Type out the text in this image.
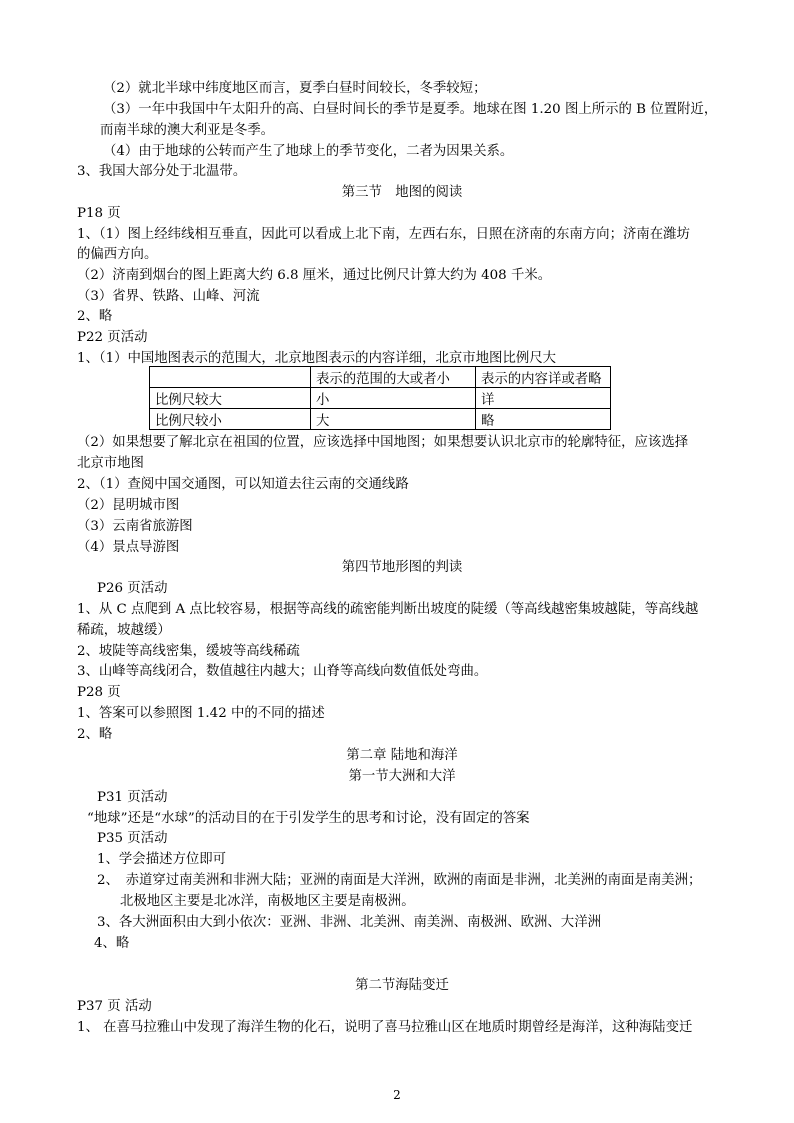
（2）就北半球中纬度地区而言，夏季白昼时间较长，冬季较短；
（3）一年中我国中午太阳升的高、白昼时间长的季节是夏季。地球在图 1.20 图上所示的 B 位置附近，
而南半球的澳大利亚是冬季。
（4）由于地球的公转而产生了地球上的季节变化，二者为因果关系。
3、我国大部分处于北温带。
第三节　地图的阅读
P18 页
1、（1）图上经纬线相互垂直，因此可以看成上北下南，左西右东，日照在济南的东南方向；济南在潍坊
的偏西方向。
（2）济南到烟台的图上距离大约 6.8 厘米，通过比例尺计算大约为 408 千米。
（3）省界、铁路、山峰、河流
2、略
P22 页活动
1、（1）中国地图表示的范围大，北京地图表示的内容详细，北京市地图比例尺大
	表示的范围的大或者小	表示的内容详或者略
比例尺较大	小	详
比例尺较小	大	略
（2）如果想要了解北京在祖国的位置，应该选择中国地图；如果想要认识北京市的轮廓特征，应该选择
北京市地图
2、（1）查阅中国交通图，可以知道去往云南的交通线路
（2）昆明城市图
（3）云南省旅游图
（4）景点导游图
第四节地形图的判读
P26 页活动
1、从 C 点爬到 A 点比较容易，根据等高线的疏密能判断出坡度的陡缓（等高线越密集坡越陡，等高线越
稀疏，坡越缓）
2、坡陡等高线密集，缓坡等高线稀疏
3、山峰等高线闭合，数值越往内越大；山脊等高线向数值低处弯曲。
P28 页
1、答案可以参照图 1.42 中的不同的描述
2、略
第二章 陆地和海洋
第一节大洲和大洋
P31 页活动
“地球”还是“水球”的活动目的在于引发学生的思考和讨论，没有固定的答案
P35 页活动
1、学会描述方位即可
2、　赤道穿过南美洲和非洲大陆；亚洲的南面是大洋洲，欧洲的南面是非洲，北美洲的南面是南美洲；
北极地区主要是北冰洋，南极地区主要是南极洲。
3、各大洲面积由大到小依次：亚洲、非洲、北美洲、南美洲、南极洲、欧洲、大洋洲
4、略
第二节海陆变迁
P37 页 活动
1、 在喜马拉雅山中发现了海洋生物的化石，说明了喜马拉雅山区在地质时期曾经是海洋，这种海陆变迁
2
